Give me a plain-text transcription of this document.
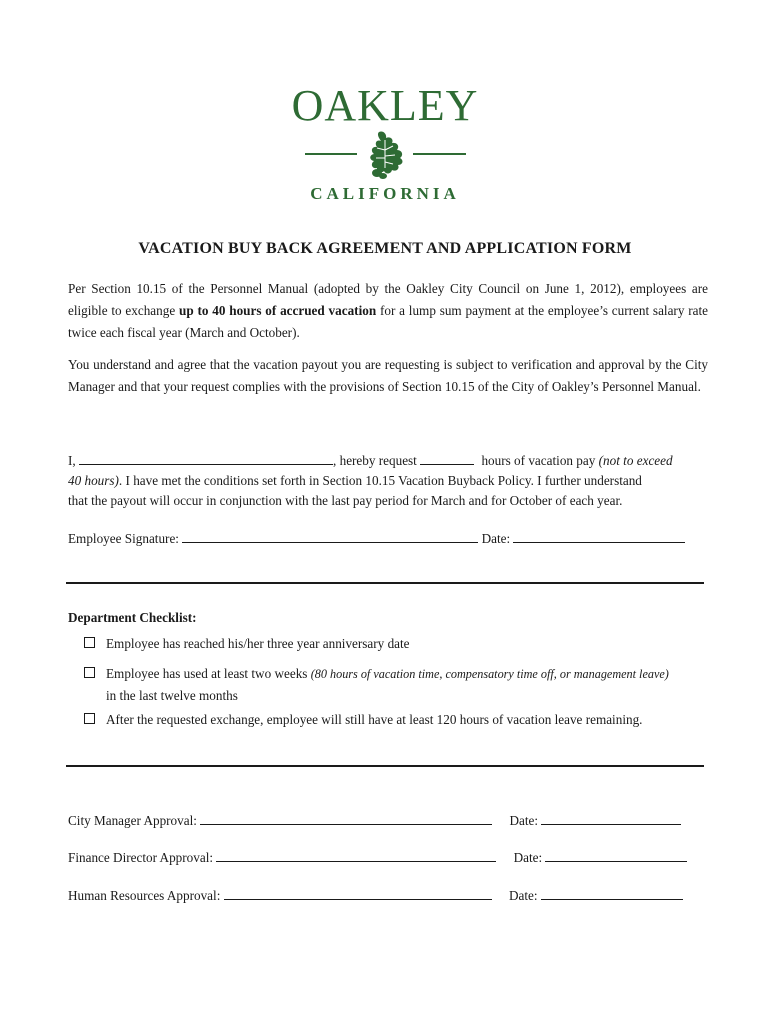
OAKLEY
CALIFORNIA
VACATION BUY BACK AGREEMENT AND APPLICATION FORM
Per Section 10.15 of the Personnel Manual (adopted by the Oakley City Council on June 1, 2012), employees are eligible to exchange up to 40 hours of accrued vacation for a lump sum payment at the employee’s current salary rate twice each fiscal year (March and October).
You understand and agree that the vacation payout you are requesting is subject to verification and approval by the City Manager and that your request complies with the provisions of Section 10.15 of the City of Oakley’s Personnel Manual.
I,	, hereby request	hours of vacation pay (not to exceed
40 hours). I have met the conditions set forth in Section 10.15 Vacation Buyback Policy. I further understand
that the payout will occur in conjunction with the last pay period for March and for October of each year.
Employee Signature:	Date:
Department Checklist:
Employee has reached his/her three year anniversary date
Employee has used at least two weeks (80 hours of vacation time, compensatory time off, or management leave)
in the last twelve months
After the requested exchange, employee will still have at least 120 hours of vacation leave remaining.
City Manager Approval:	Date:
Finance Director Approval:	Date:
Human Resources Approval:	Date:
